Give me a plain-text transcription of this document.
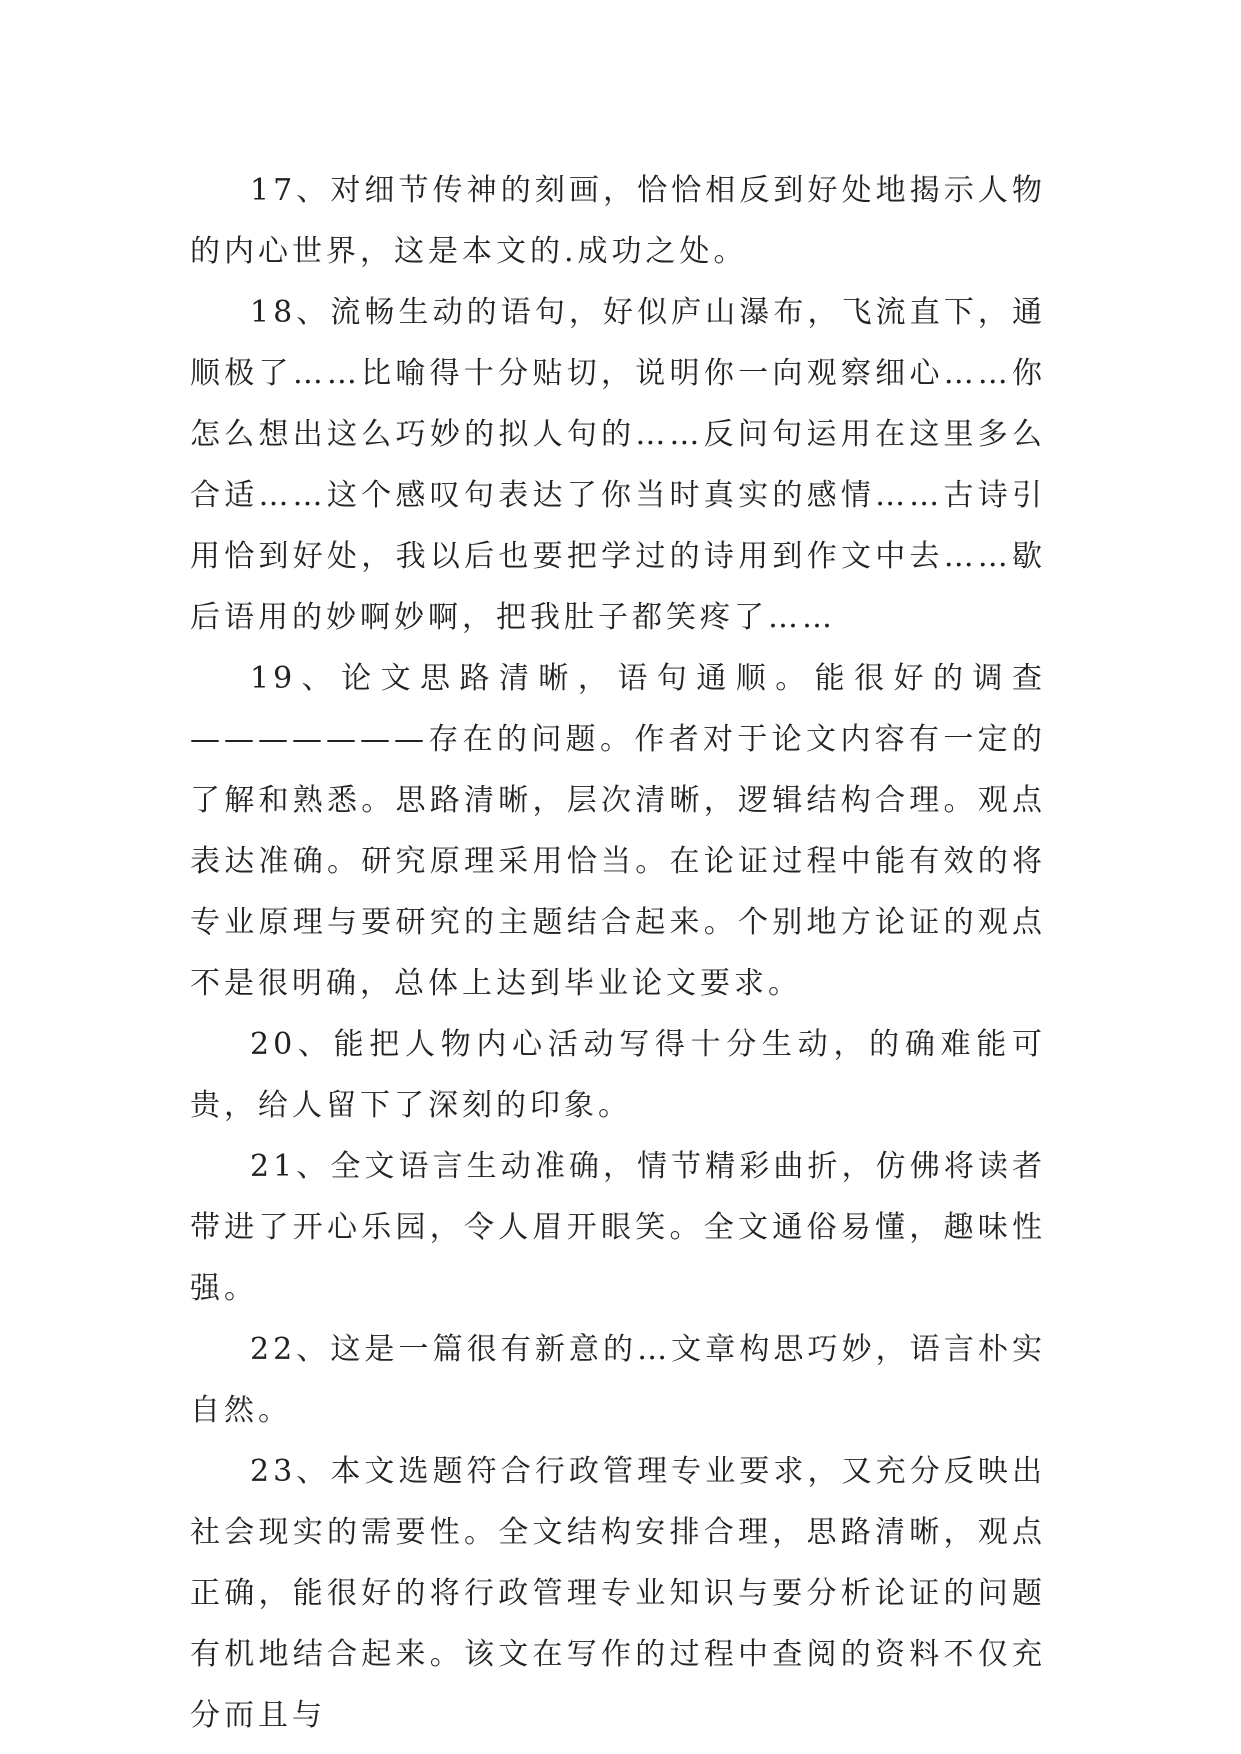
17、对细节传神的刻画，恰恰相反到好处地揭示人物的内心世界，这是本文的.成功之处。

18、流畅生动的语句，好似庐山瀑布，飞流直下，通顺极了……比喻得十分贴切，说明你一向观察细心……你怎么想出这么巧妙的拟人句的……反问句运用在这里多么合适……这个感叹句表达了你当时真实的感情……古诗引用恰到好处，我以后也要把学过的诗用到作文中去……歇后语用的妙啊妙啊，把我肚子都笑疼了……

19、论文思路清晰，语句通顺。能很好的调查———————存在的问题。作者对于论文内容有一定的了解和熟悉。思路清晰，层次清晰，逻辑结构合理。观点表达准确。研究原理采用恰当。在论证过程中能有效的将专业原理与要研究的主题结合起来。个别地方论证的观点不是很明确，总体上达到毕业论文要求。

20、能把人物内心活动写得十分生动，的确难能可贵，给人留下了深刻的印象。

21、全文语言生动准确，情节精彩曲折，仿佛将读者带进了开心乐园，令人眉开眼笑。全文通俗易懂，趣味性强。

22、这是一篇很有新意的…文章构思巧妙，语言朴实自然。

23、本文选题符合行政管理专业要求，又充分反映出社会现实的需要性。全文结构安排合理，思路清晰，观点正确，能很好的将行政管理专业知识与要分析论证的问题有机地结合起来。该文在写作的过程中查阅的资料不仅充分而且与
